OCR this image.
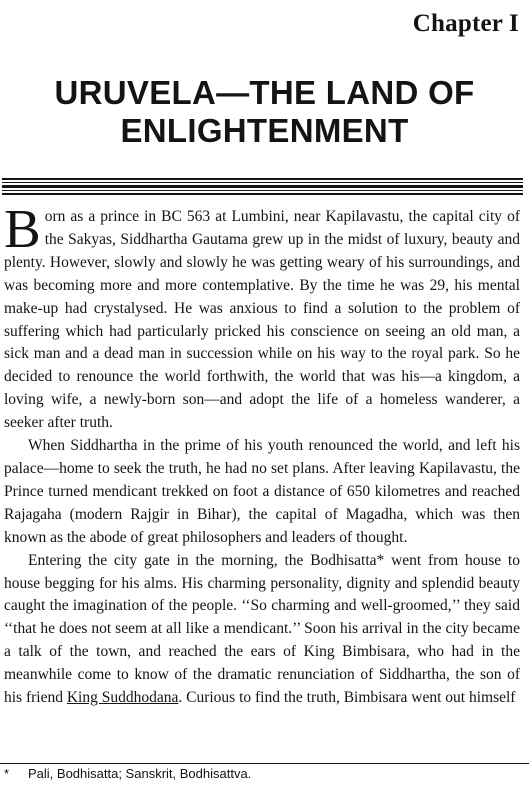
Chapter I
URUVELA—THE LAND OF
ENLIGHTENMENT

Born as a prince in BC 563 at Lumbini, near Kapilavastu, the capital city of the Sakyas, Siddhartha Gautama grew up in the midst of luxury, beauty and plenty. However, slowly and slowly he was getting weary of his surroundings, and was becoming more and more contemplative. By the time he was 29, his mental make-up had crystalysed. He was anxious to find a solution to the problem of suffering which had particularly pricked his conscience on seeing an old man, a sick man and a dead man in succession while on his way to the royal park. So he decided to renounce the world forthwith, the world that was his—a kingdom, a loving wife, a newly-born son—and adopt the life of a homeless wanderer, a seeker after truth.

When Siddhartha in the prime of his youth renounced the world, and left his palace—home to seek the truth, he had no set plans. After leaving Kapilavastu, the Prince turned mendicant trekked on foot a distance of 650 kilometres and reached Rajagaha (modern Rajgir in Bihar), the capital of Magadha, which was then known as the abode of great philosophers and leaders of thought.

Entering the city gate in the morning, the Bodhisatta* went from house to house begging for his alms. His charming personality, dignity and splendid beauty caught the imagination of the people. ‘‘So charming and well-groomed,’’ they said ‘‘that he does not seem at all like a mendicant.’’ Soon his arrival in the city became a talk of the town, and reached the ears of King Bimbisara, who had in the meanwhile come to know of the dramatic renunciation of Siddhartha, the son of his friend King Suddhodana. Curious to find the truth, Bimbisara went out himself

* Pali, Bodhisatta; Sanskrit, Bodhisattva.
